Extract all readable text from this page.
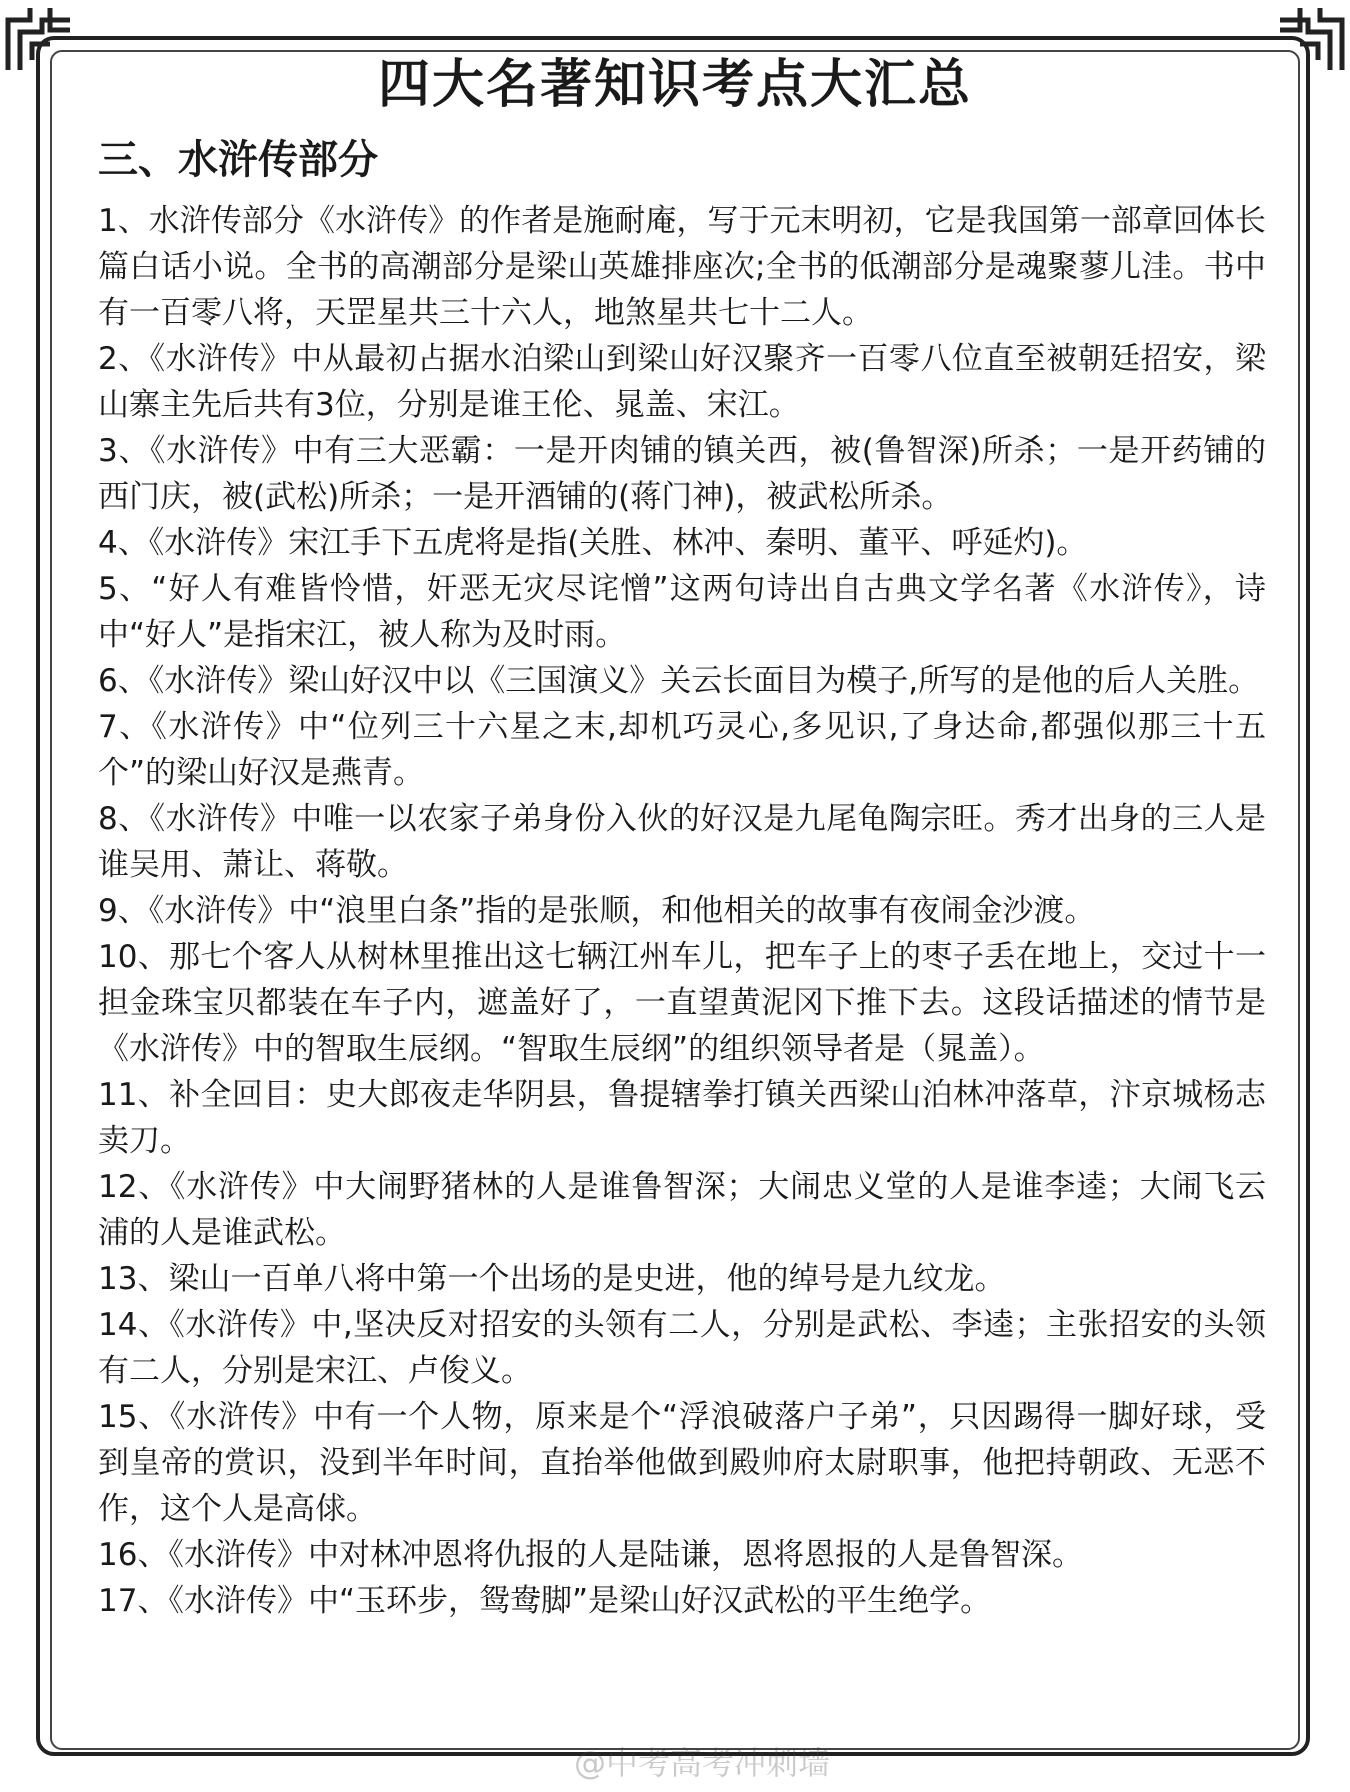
四大名著知识考点大汇总
三、水浒传部分
1、水浒传部分《水浒传》的作者是施耐庵，写于元末明初，它是我国第一部章回体长篇白话小说。全书的高潮部分是梁山英雄排座次;全书的低潮部分是魂聚蓼儿洼。书中有一百零八将，天罡星共三十六人，地煞星共七十二人。
2、《水浒传》中从最初占据水泊梁山到梁山好汉聚齐一百零八位直至被朝廷招安，梁山寨主先后共有3位，分别是谁王伦、晁盖、宋江。
3、《水浒传》中有三大恶霸：一是开肉铺的镇关西，被(鲁智深)所杀；一是开药铺的西门庆，被(武松)所杀；一是开酒铺的(蒋门神)，被武松所杀。
4、《水浒传》宋江手下五虎将是指(关胜、林冲、秦明、董平、呼延灼)。
5、“好人有难皆怜惜，奸恶无灾尽诧憎”这两句诗出自古典文学名著《水浒传》，诗中“好人”是指宋江，被人称为及时雨。
6、《水浒传》梁山好汉中以《三国演义》关云长面目为模子,所写的是他的后人关胜。
7、《水浒传》中“位列三十六星之末,却机巧灵心,多见识,了身达命,都强似那三十五个”的梁山好汉是燕青。
8、《水浒传》中唯一以农家子弟身份入伙的好汉是九尾龟陶宗旺。秀才出身的三人是谁吴用、萧让、蒋敬。
9、《水浒传》中“浪里白条”指的是张顺，和他相关的故事有夜闹金沙渡。
10、那七个客人从树林里推出这七辆江州车儿，把车子上的枣子丢在地上，交过十一担金珠宝贝都装在车子内，遮盖好了，一直望黄泥冈下推下去。这段话描述的情节是《水浒传》中的智取生辰纲。“智取生辰纲”的组织领导者是（晁盖）。
11、补全回目：史大郎夜走华阴县，鲁提辖拳打镇关西梁山泊林冲落草，汴京城杨志卖刀。
12、《水浒传》中大闹野猪林的人是谁鲁智深；大闹忠义堂的人是谁李逵；大闹飞云浦的人是谁武松。
13、梁山一百单八将中第一个出场的是史进，他的绰号是九纹龙。
14、《水浒传》中,坚决反对招安的头领有二人，分别是武松、李逵；主张招安的头领有二人，分别是宋江、卢俊义。
15、《水浒传》中有一个人物，原来是个“浮浪破落户子弟”，只因踢得一脚好球，受到皇帝的赏识，没到半年时间，直抬举他做到殿帅府太尉职事，他把持朝政、无恶不作，这个人是高俅。
16、《水浒传》中对林冲恩将仇报的人是陆谦，恩将恩报的人是鲁智深。
17、《水浒传》中“玉环步，鸳鸯脚”是梁山好汉武松的平生绝学。
@中考高考冲刺墙
